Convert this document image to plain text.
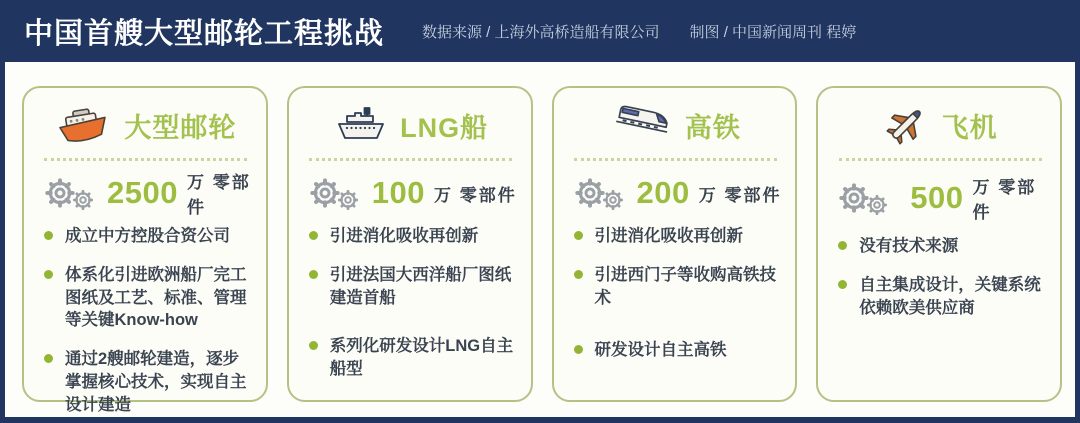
中国首艘大型邮轮工程挑战	数据来源 / 上海外高桥造船有限公司 制图 / 中国新闻周刊 程婷
大型邮轮
2500 万 零部件
成立中方控股合资公司
体系化引进欧洲船厂完工图纸及工艺、标准、管理等关键Know-how
通过2艘邮轮建造，逐步掌握核心技术，实现自主设计建造
LNG船
100 万 零部件
引进消化吸收再创新
引进法国大西洋船厂图纸建造首船
系列化研发设计LNG自主船型
高铁
200 万 零部件
引进消化吸收再创新
引进西门子等收购高铁技术
研发设计自主高铁
飞机
500 万 零部件
没有技术来源
自主集成设计，关键系统依赖欧美供应商
